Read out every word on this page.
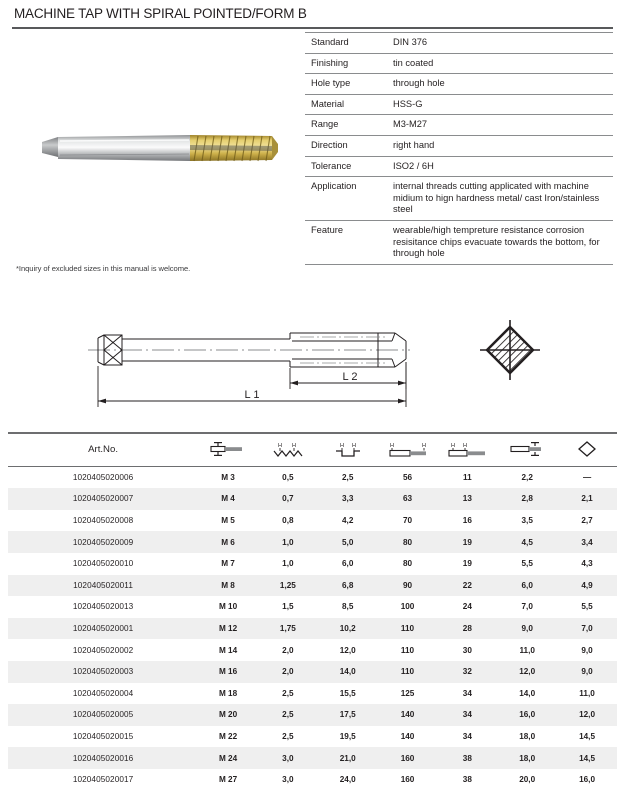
MACHINE TAP WITH SPIRAL POINTED/FORM B
*Inquiry of excluded sizes in this manual is welcome.
Standard	DIN 376
Finishing	tin coated
Hole type	through hole
Material	HSS-G
Range	M3-M27
Direction	right hand
Tolerance	ISO2 / 6H
Application	internal threads cutting applicated with machine midium to hign hardness metal/ cast Iron/stainless steel
Feature	wearable/high tempreture resistance corrosion resisitance chips evacuate towards the bottom, for through hole
L 1
L 2
Art.No.		H H	H H	H H	H H

1020405020006	M 3	0,5	2,5	56	11	2,2	—
1020405020007	M 4	0,7	3,3	63	13	2,8	2,1
1020405020008	M 5	0,8	4,2	70	16	3,5	2,7
1020405020009	M 6	1,0	5,0	80	19	4,5	3,4
1020405020010	M 7	1,0	6,0	80	19	5,5	4,3
1020405020011	M 8	1,25	6,8	90	22	6,0	4,9
1020405020013	M 10	1,5	8,5	100	24	7,0	5,5
1020405020001	M 12	1,75	10,2	110	28	9,0	7,0
1020405020002	M 14	2,0	12,0	110	30	11,0	9,0
1020405020003	M 16	2,0	14,0	110	32	12,0	9,0
1020405020004	M 18	2,5	15,5	125	34	14,0	11,0
1020405020005	M 20	2,5	17,5	140	34	16,0	12,0
1020405020015	M 22	2,5	19,5	140	34	18,0	14,5
1020405020016	M 24	3,0	21,0	160	38	18,0	14,5
1020405020017	M 27	3,0	24,0	160	38	20,0	16,0
